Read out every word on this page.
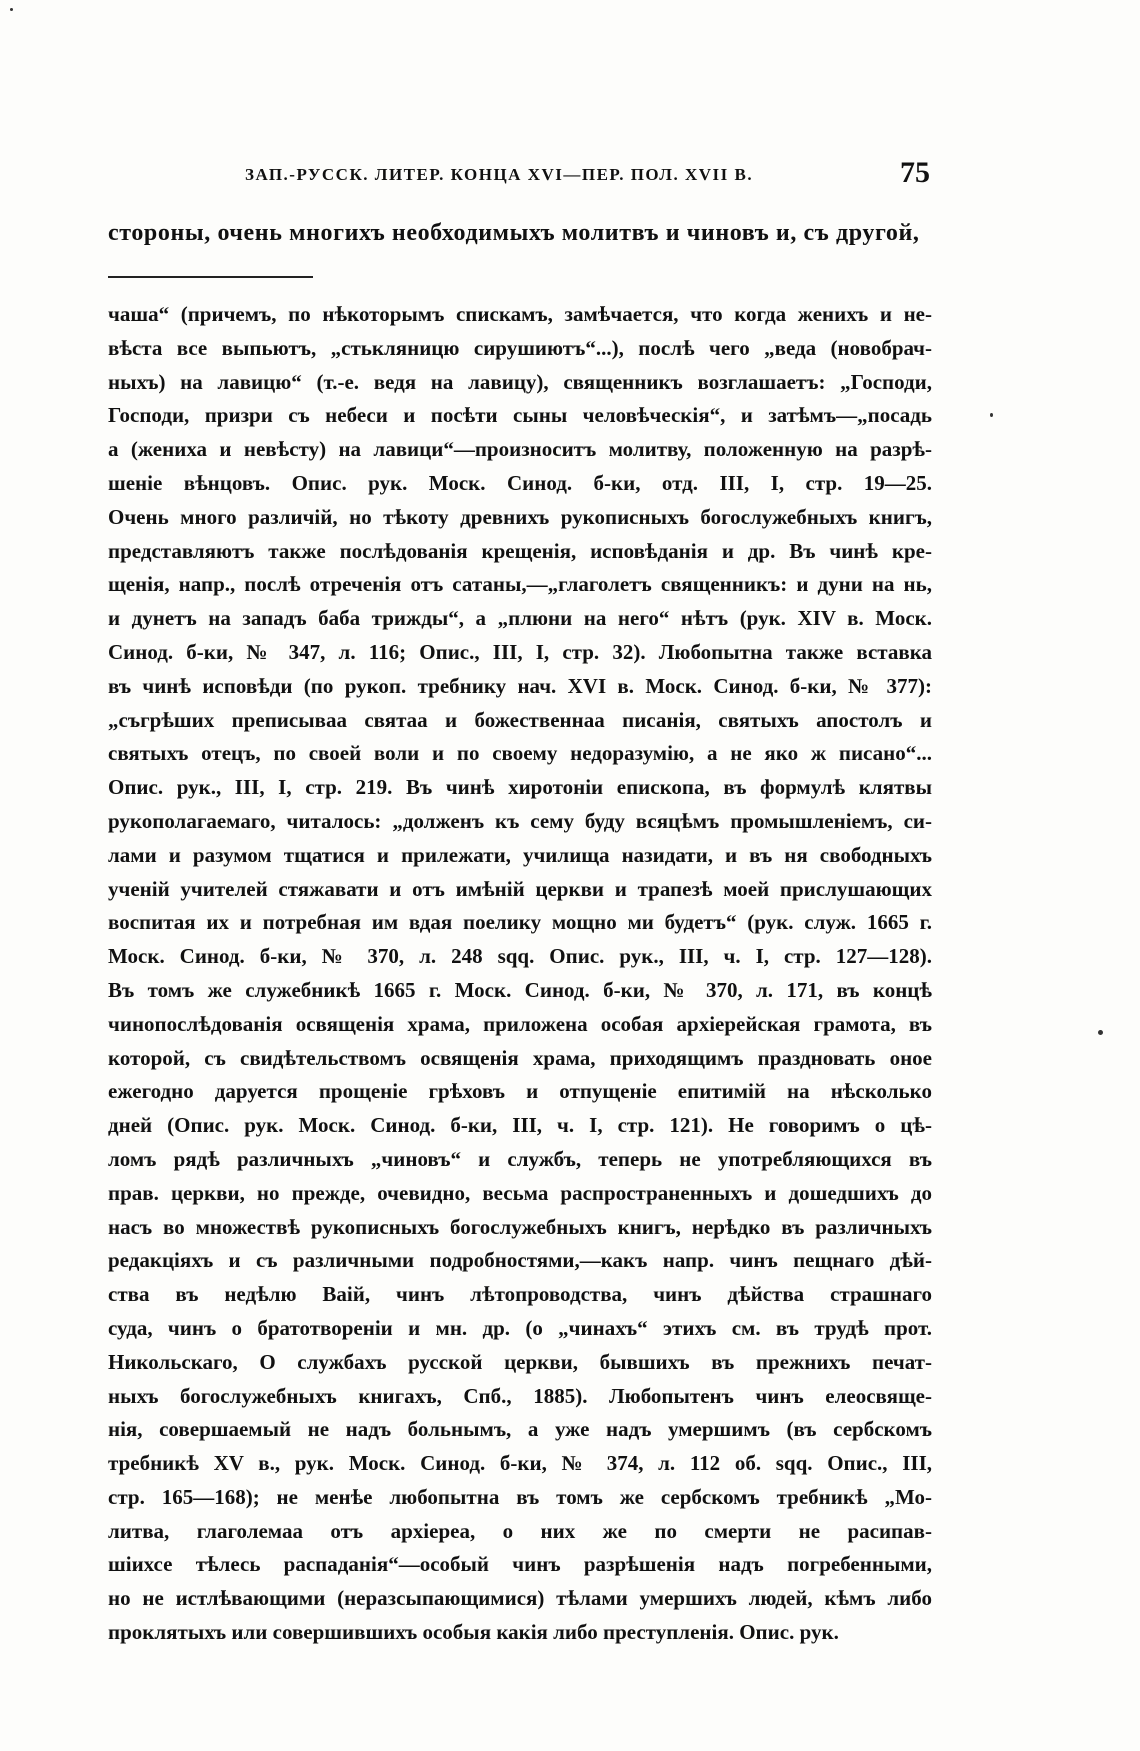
ЗАП.-РУССК. ЛИТЕР. КОНЦА XVI—ПЕР. ПОЛ. XVII В.	75
стороны, очень многихъ необходимыхъ молитвъ и чиновъ и, съ другой,
чаша“ (причемъ, по нѣкоторымъ спискамъ, замѣчается, что когда женихъ и не-
вѣста все выпьютъ, „стькляницю сирушиютъ“...), послѣ чего „веда (новобрач-
ныхъ) на лавицю“ (т.-е. ведя на лавицу), священникъ возглашаетъ: „Господи,
Господи, призри съ небеси и посѣти сыны человѣческія“, и затѣмъ—„посадь
а (жениха и невѣсту) на лавици“—произноситъ молитву, положенную на разрѣ-
шеніе вѣнцовъ. Опис. рук. Моск. Синод. б-ки, отд. III, I, стр. 19—25.
Очень много различій, но тѣкоту древнихъ рукописныхъ богослужебныхъ книгъ,
представляютъ также послѣдованія крещенія, исповѣданія и др. Въ чинѣ кре-
щенія, напр., послѣ отреченія отъ сатаны,—„глаголетъ священникъ: и дуни на нь,
и дунетъ на западъ баба трижды“, а „плюни на него“ нѣтъ (рук. XIV в. Моск.
Синод. б-ки, № 347, л. 116; Опис., III, I, стр. 32). Любопытна также вставка
въ чинѣ исповѣди (по рукоп. требнику нач. XVI в. Моск. Синод. б-ки, № 377):
„съгрѣших преписываа святаа и божественнаа писанія, святыхъ апостолъ и
святыхъ отецъ, по своей воли и по своему недоразумію, а не яко ж писано“...
Опис. рук., III, I, стр. 219. Въ чинѣ хиротоніи епископа, въ формулѣ клятвы
рукополагаемаго, читалось: „долженъ къ сему буду всяцѣмъ промышленіемъ, си-
лами и разумом тщатися и прилежати, училища назидати, и въ ня свободныхъ
ученій учителей стяжавати и отъ имѣній церкви и трапезѣ моей прислушающих
воспитая их и потребная им вдая поелику мощно ми будетъ“ (рук. служ. 1665 г.
Моск. Синод. б-ки, № 370, л. 248 sqq. Опис. рук., III, ч. I, стр. 127—128).
Въ томъ же служебникѣ 1665 г. Моск. Синод. б-ки, № 370, л. 171, въ концѣ
чинопослѣдованія освященія храма, приложена особая архіерейская грамота, въ
которой, съ свидѣтельствомъ освященія храма, приходящимъ праздновать оное
ежегодно даруется прощеніе грѣховъ и отпущеніе епитимій на нѣсколько
дней (Опис. рук. Моск. Синод. б-ки, III, ч. I, стр. 121). Не говоримъ о цѣ-
ломъ рядѣ различныхъ „чиновъ“ и службъ, теперь не употребляющихся въ
прав. церкви, но прежде, очевидно, весьма распространенныхъ и дошедшихъ до
насъ во множествѣ рукописныхъ богослужебныхъ книгъ, нерѣдко въ различныхъ
редакціяхъ и съ различными подробностями,—какъ напр. чинъ пещнаго дѣй-
ства въ недѣлю Ваій, чинъ лѣтопроводства, чинъ дѣйства страшнаго
суда, чинъ о братотвореніи и мн. др. (о „чинахъ“ этихъ см. въ трудѣ прот.
Никольскаго, О службахъ русской церкви, бывшихъ въ прежнихъ печат-
ныхъ богослужебныхъ книгахъ, Спб., 1885). Любопытенъ чинъ елеосвяще-
нія, совершаемый не надъ больнымъ, а уже надъ умершимъ (въ сербскомъ
требникѣ XV в., рук. Моск. Синод. б-ки, № 374, л. 112 об. sqq. Опис., III,
стр. 165—168); не менѣе любопытна въ томъ же сербскомъ требникѣ „Мо-
литва, глаголемаа отъ архіереа, о них же по смерти не расипав-
шіихсе тѣлесь распаданія“—особый чинъ разрѣшенія надъ погребенными,
но не истлѣвающими (неразсыпающимися) тѣлами умершихъ людей, кѣмъ либо
проклятыхъ или совершившихъ особыя какія либо преступленія. Опис. рук.
